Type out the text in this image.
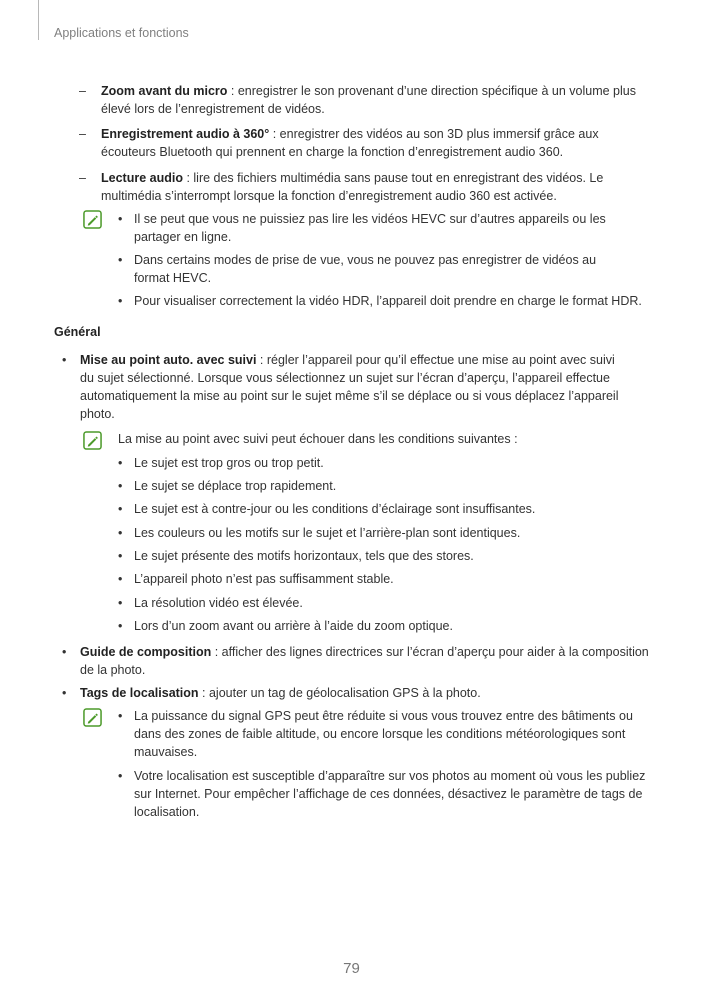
Applications et fonctions
– Zoom avant du micro : enregistrer le son provenant d’une direction spécifique à un volume plus élevé lors de l’enregistrement de vidéos.
– Enregistrement audio à 360° : enregistrer des vidéos au son 3D plus immersif grâce aux écouteurs Bluetooth qui prennent en charge la fonction d’enregistrement audio 360.
– Lecture audio : lire des fichiers multimédia sans pause tout en enregistrant des vidéos. Le multimédia s’interrompt lorsque la fonction d’enregistrement audio 360 est activée.
• Il se peut que vous ne puissiez pas lire les vidéos HEVC sur d’autres appareils ou les partager en ligne.
• Dans certains modes de prise de vue, vous ne pouvez pas enregistrer de vidéos au format HEVC.
• Pour visualiser correctement la vidéo HDR, l’appareil doit prendre en charge le format HDR.
Général
• Mise au point auto. avec suivi : régler l’appareil pour qu’il effectue une mise au point avec suivi du sujet sélectionné. Lorsque vous sélectionnez un sujet sur l’écran d’aperçu, l’appareil effectue automatiquement la mise au point sur le sujet même s’il se déplace ou si vous déplacez l’appareil photo.
La mise au point avec suivi peut échouer dans les conditions suivantes :
• Le sujet est trop gros ou trop petit.
• Le sujet se déplace trop rapidement.
• Le sujet est à contre-jour ou les conditions d’éclairage sont insuffisantes.
• Les couleurs ou les motifs sur le sujet et l’arrière-plan sont identiques.
• Le sujet présente des motifs horizontaux, tels que des stores.
• L’appareil photo n’est pas suffisamment stable.
• La résolution vidéo est élevée.
• Lors d’un zoom avant ou arrière à l’aide du zoom optique.
• Guide de composition : afficher des lignes directrices sur l’écran d’aperçu pour aider à la composition de la photo.
• Tags de localisation : ajouter un tag de géolocalisation GPS à la photo.
• La puissance du signal GPS peut être réduite si vous vous trouvez entre des bâtiments ou dans des zones de faible altitude, ou encore lorsque les conditions météorologiques sont mauvaises.
• Votre localisation est susceptible d’apparaître sur vos photos au moment où vous les publiez sur Internet. Pour empêcher l’affichage de ces données, désactivez le paramètre de tags de localisation.
79
